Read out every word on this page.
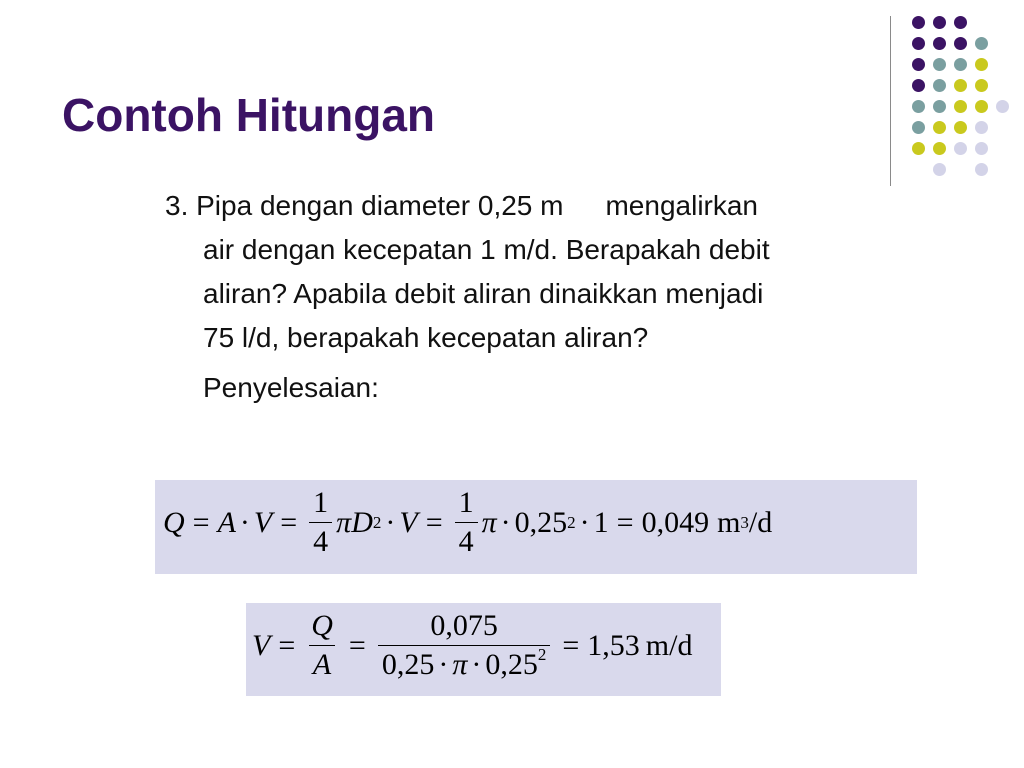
Contoh Hitungan
3. Pipa dengan diameter 0,25 m mengalirkan
air dengan kecepatan 1 m/d. Berapakah debit
aliran? Apabila debit aliran dinaikkan menjadi
75 l/d, berapakah kecepatan aliran?
Penyelesaian:
$Q = A \cdot V = \frac{1}{4}$ π D $2 \cdot V = \frac{1}{4}$ π · 0,25 2 · 1 = 0,049 m 3 /d
$V = \frac{Q}{A} = \frac{0,075}{0,25 \cdot \pi \cdot 0,25^2} = 1,53$ m/d
